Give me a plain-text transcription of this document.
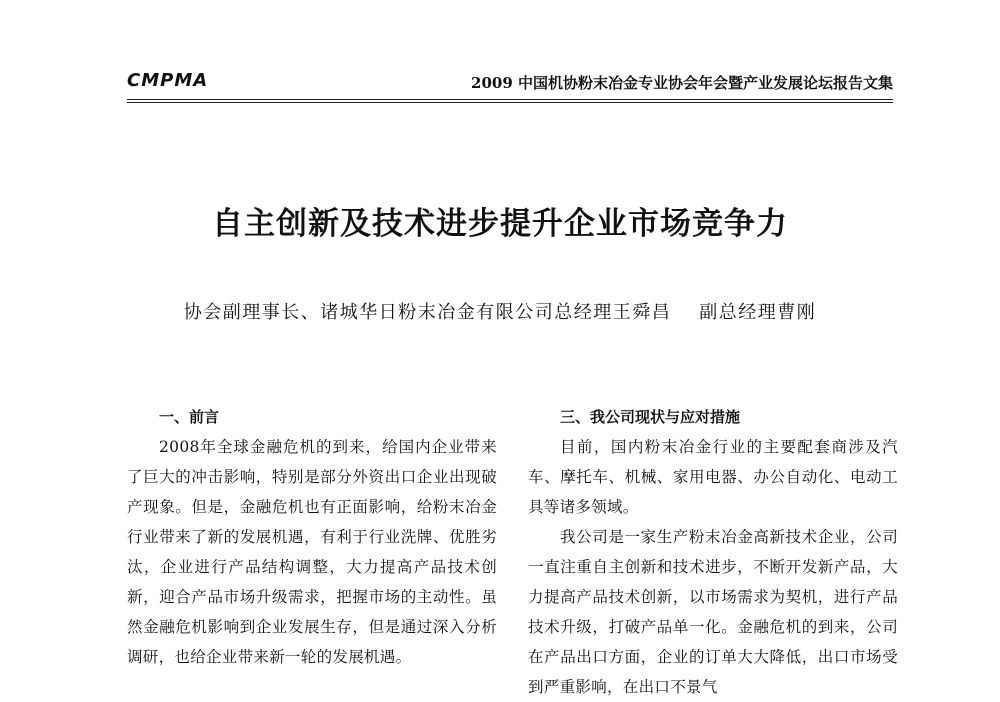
CMPMA	2009 中国机协粉末冶金专业协会年会暨产业发展论坛报告文集
自主创新及技术进步提升企业市场竞争力
协会副理事长、诸城华日粉末冶金有限公司总经理王舜昌 副总经理曹刚
一、前言

2008年全球金融危机的到来，给国内企业带来了巨大的冲击影响，特别是部分外资出口企业出现破产现象。但是，金融危机也有正面影响，给粉末冶金行业带来了新的发展机遇，有利于行业洗牌、优胜劣汰，企业进行产品结构调整，大力提高产品技术创新，迎合产品市场升级需求，把握市场的主动性。虽然金融危机影响到企业发展生存，但是通过深入分析调研，也给企业带来新一轮的发展机遇。

三、我公司现状与应对措施

目前，国内粉末冶金行业的主要配套商涉及汽车、摩托车、机械、家用电器、办公自动化、电动工具等诸多领域。

我公司是一家生产粉末冶金高新技术企业，公司一直注重自主创新和技术进步，不断开发新产品，大力提高产品技术创新，以市场需求为契机，进行产品技术升级，打破产品单一化。金融危机的到来，公司在产品出口方面，企业的订单大大降低，出口市场受到严重影响，在出口不景气
